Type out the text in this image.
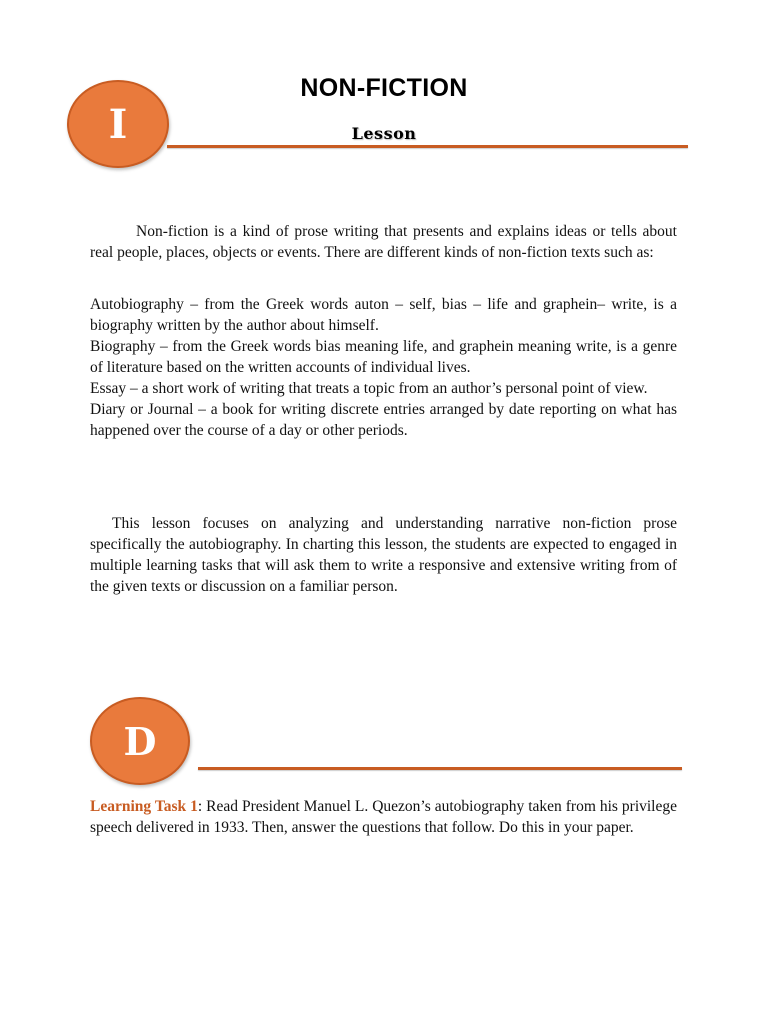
I
NON-FICTION
Lesson

Non-fiction is a kind of prose writing that presents and explains ideas or tells about real people, places, objects or events. There are different kinds of non-fiction texts such as:

Autobiography – from the Greek words auton – self, bias – life and graphein– write, is a biography written by the author about himself.

Biography – from the Greek words bias meaning life, and graphein meaning write, is a genre of literature based on the written accounts of individual lives.

Essay – a short work of writing that treats a topic from an author’s personal point of view.

Diary or Journal – a book for writing discrete entries arranged by date reporting on what has happened over the course of a day or other periods.

This lesson focuses on analyzing and understanding narrative non-fiction prose specifically the autobiography. In charting this lesson, the students are expected to engaged in multiple learning tasks that will ask them to write a responsive and extensive writing from of the given texts or discussion on a familiar person.

D

Learning Task 1: Read President Manuel L. Quezon’s autobiography taken from his privilege speech delivered in 1933. Then, answer the questions that follow. Do this in your paper.
